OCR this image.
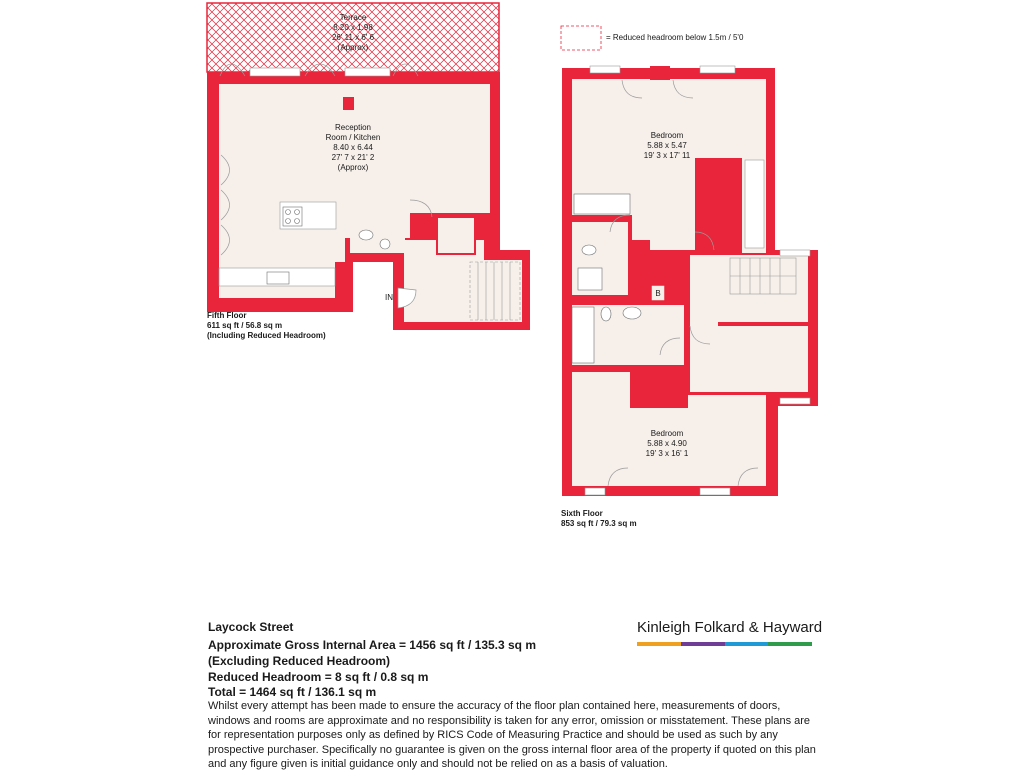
= Reduced headroom below 1.5m / 5'0
Terrace
8.20 x 1.98
26' 11 x 6' 6
(Approx)
Reception
Room / Kitchen
8.40 x 6.44
27' 7 x 21' 2
(Approx)
IN
Fifth Floor
611 sq ft / 56.8 sq m
(Including Reduced Headroom)
B
Bedroom
5.88 x 5.47
19' 3 x 17' 11
Bedroom
5.88 x 4.90
19' 3 x 16' 1
Sixth Floor
853 sq ft / 79.3 sq m
Laycock Street
Approximate Gross Internal Area = 1456 sq ft / 135.3 sq m
(Excluding Reduced Headroom)
Reduced Headroom = 8 sq ft / 0.8 sq m
Total = 1464 sq ft / 136.1 sq m
Whilst every attempt has been made to ensure the accuracy of the floor plan contained here, measurements of doors, windows and rooms are approximate and no responsibility is taken for any error, omission or misstatement. These plans are for representation purposes only as defined by RICS Code of Measuring Practice and should be used as such by any prospective purchaser. Specifically no guarantee is given on the gross internal floor area of the property if quoted on this plan and any figure given is initial guidance only and should not be relied on as a basis of valuation.
Kinleigh Folkard & Hayward
